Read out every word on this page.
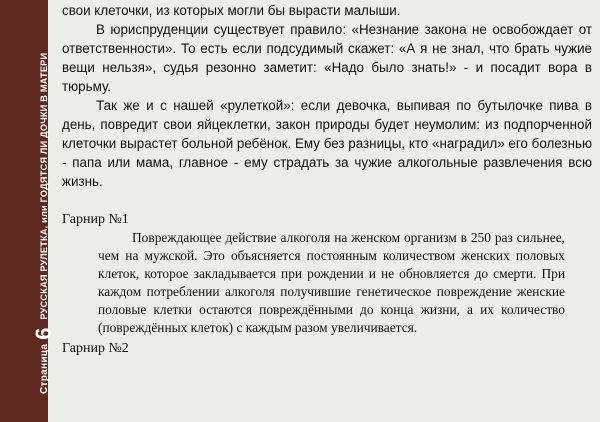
Страница
6
РУССКАЯ РУЛЕТКА, или ГОДЯТСЯ ЛИ ДОЧКИ В МАТЕРИ

свои клеточки, из которых могли бы вырасти малыши.

В юриспруденции существует правило: «Незнание закона не освобождает от ответственности». То есть если подсудимый скажет: «А я не знал, что брать чужие вещи нельзя», судья резонно заметит: «Надо было знать!» - и посадит вора в тюрьму.

Так же и с нашей «рулеткой»: если девочка, выпивая по бутылочке пива в день, повредит свои яйцеклетки, закон природы будет неумолим: из подпорченной клеточки вырастет больной ребёнок. Ему без разницы, кто «наградил» его болезнью - папа или мама, главное - ему страдать за чужие алкогольные развлечения всю жизнь.

Гарнир №1

Повреждающее действие алкоголя на женском организм в 250 раз сильнее, чем на мужской. Это объясняется постоянным количеством женских половых клеток, которое закладывается при рождении и не обновляется до смерти. При каждом потреблении алкоголя получившие генетическое повреждение женские половые клетки остаются повреждёнными до конца жизни, а их количество (повреждённых клеток) с каждым разом увеличивается.

Гарнир №2
